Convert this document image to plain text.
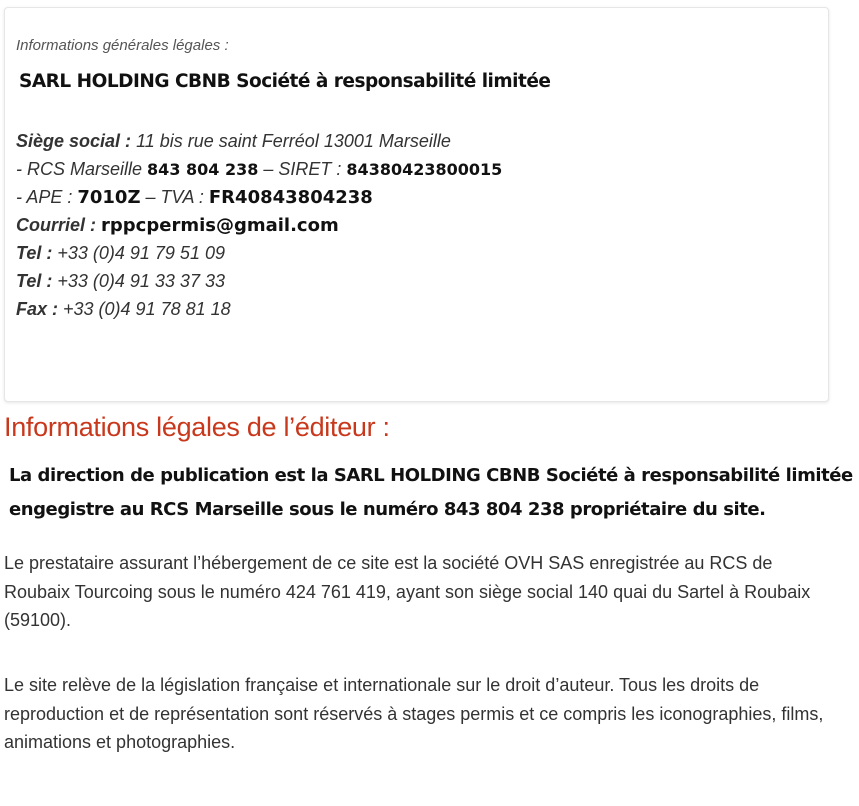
Informations générales légales :
SARL HOLDING CBNB Société à responsabilité limitée
Siège social : 11 bis rue saint Ferréol 13001 Marseille
- RCS Marseille 843 804 238 – SIRET : 84380423800015
- APE : 7010Z – TVA : FR40843804238
Courriel : rppcpermis@gmail.com
Tel : +33 (0)4 91 79 51 09
Tel : +33 (0)4 91 33 37 33
Fax : +33 (0)4 91 78 81 18
Informations légales de l’éditeur :
La direction de publication est la SARL HOLDING CBNB Société à responsabilité limitée engegistre au RCS Marseille sous le numéro 843 804 238 propriétaire du site.
Le prestataire assurant l’hébergement de ce site est la société OVH SAS enregistrée au RCS de Roubaix Tourcoing sous le numéro 424 761 419, ayant son siège social 140 quai du Sartel à Roubaix (59100).
Le site relève de la législation française et internationale sur le droit d’auteur. Tous les droits de reproduction et de représentation sont réservés à stages permis et ce compris les iconographies, films, animations et photographies.
